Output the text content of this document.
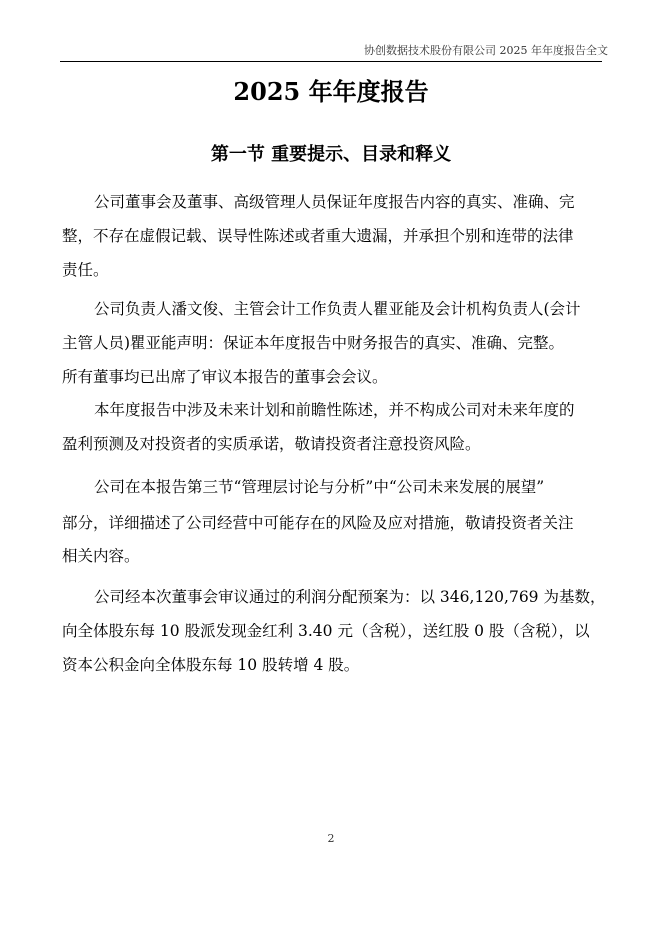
协创数据技术股份有限公司 2025 年年度报告全文
2025 年年度报告
第一节 重要提示、目录和释义

公司董事会及董事、高级管理人员保证年度报告内容的真实、准确、完

整，不存在虚假记载、误导性陈述或者重大遗漏，并承担个别和连带的法律

责任。

公司负责人潘文俊、主管会计工作负责人瞿亚能及会计机构负责人(会计

主管人员)瞿亚能声明：保证本年度报告中财务报告的真实、准确、完整。

所有董事均已出席了审议本报告的董事会会议。

本年度报告中涉及未来计划和前瞻性陈述，并不构成公司对未来年度的

盈利预测及对投资者的实质承诺，敬请投资者注意投资风险。

公司在本报告第三节“管理层讨论与分析”中“公司未来发展的展望”

部分，详细描述了公司经营中可能存在的风险及应对措施，敬请投资者关注

相关内容。

公司经本次董事会审议通过的利润分配预案为：以 346,120,769 为基数，

向全体股东每 10 股派发现金红利 3.40 元（含税），送红股 0 股（含税），以

资本公积金向全体股东每 10 股转增 4 股。

2
